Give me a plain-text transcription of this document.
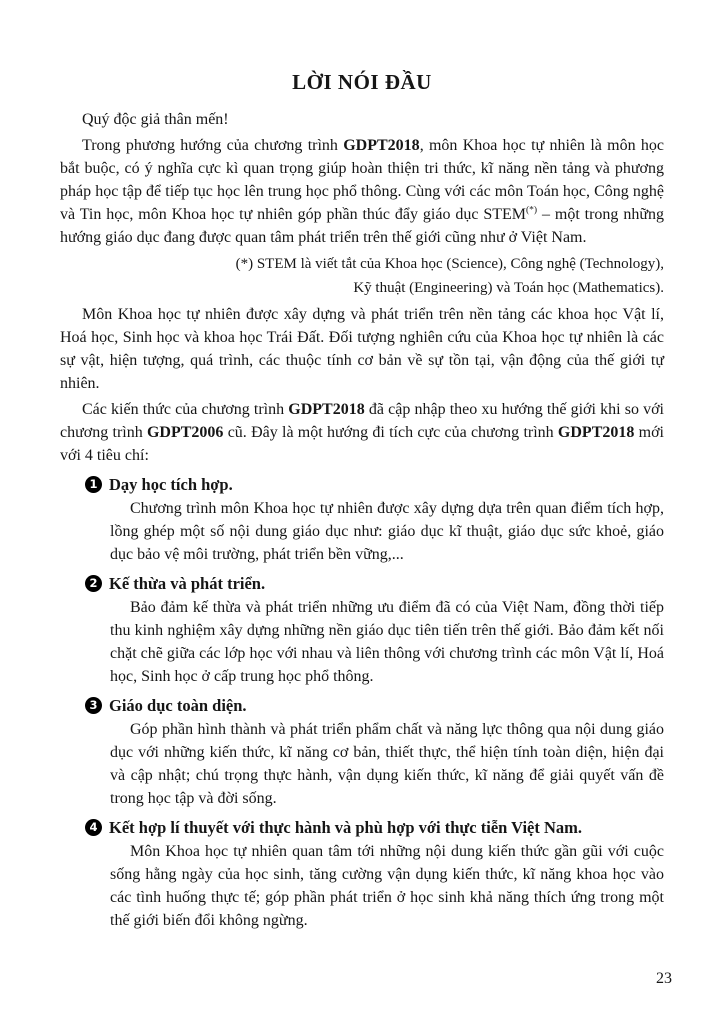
LỜI NÓI ĐẦU

Quý độc giả thân mến!

Trong phương hướng của chương trình GDPT2018, môn Khoa học tự nhiên là môn học bắt buộc, có ý nghĩa cực kì quan trọng giúp hoàn thiện tri thức, kĩ năng nền tảng và phương pháp học tập để tiếp tục học lên trung học phổ thông. Cùng với các môn Toán học, Công nghệ và Tin học, môn Khoa học tự nhiên góp phần thúc đẩy giáo dục STEM(*) – một trong những hướng giáo dục đang được quan tâm phát triển trên thế giới cũng như ở Việt Nam.

(*) STEM là viết tắt của Khoa học (Science), Công nghệ (Technology),

Kỹ thuật (Engineering) và Toán học (Mathematics).

Môn Khoa học tự nhiên được xây dựng và phát triển trên nền tảng các khoa học Vật lí, Hoá học, Sinh học và khoa học Trái Đất. Đối tượng nghiên cứu của Khoa học tự nhiên là các sự vật, hiện tượng, quá trình, các thuộc tính cơ bản về sự tồn tại, vận động của thế giới tự nhiên.

Các kiến thức của chương trình GDPT2018 đã cập nhập theo xu hướng thế giới khi so với chương trình GDPT2006 cũ. Đây là một hướng đi tích cực của chương trình GDPT2018 mới với 4 tiêu chí:

1 Dạy học tích hợp.

Chương trình môn Khoa học tự nhiên được xây dựng dựa trên quan điểm tích hợp, lồng ghép một số nội dung giáo dục như: giáo dục kĩ thuật, giáo dục sức khoẻ, giáo dục bảo vệ môi trường, phát triển bền vững,...

2 Kế thừa và phát triển.

Bảo đảm kế thừa và phát triển những ưu điểm đã có của Việt Nam, đồng thời tiếp thu kinh nghiệm xây dựng những nền giáo dục tiên tiến trên thế giới. Bảo đảm kết nối chặt chẽ giữa các lớp học với nhau và liên thông với chương trình các môn Vật lí, Hoá học, Sinh học ở cấp trung học phổ thông.

3 Giáo dục toàn diện.

Góp phần hình thành và phát triển phẩm chất và năng lực thông qua nội dung giáo dục với những kiến thức, kĩ năng cơ bản, thiết thực, thể hiện tính toàn diện, hiện đại và cập nhật; chú trọng thực hành, vận dụng kiến thức, kĩ năng để giải quyết vấn đề trong học tập và đời sống.

4 Kết hợp lí thuyết với thực hành và phù hợp với thực tiễn Việt Nam.

Môn Khoa học tự nhiên quan tâm tới những nội dung kiến thức gần gũi với cuộc sống hằng ngày của học sinh, tăng cường vận dụng kiến thức, kĩ năng khoa học vào các tình huống thực tế; góp phần phát triển ở học sinh khả năng thích ứng trong một thế giới biến đổi không ngừng.

23
